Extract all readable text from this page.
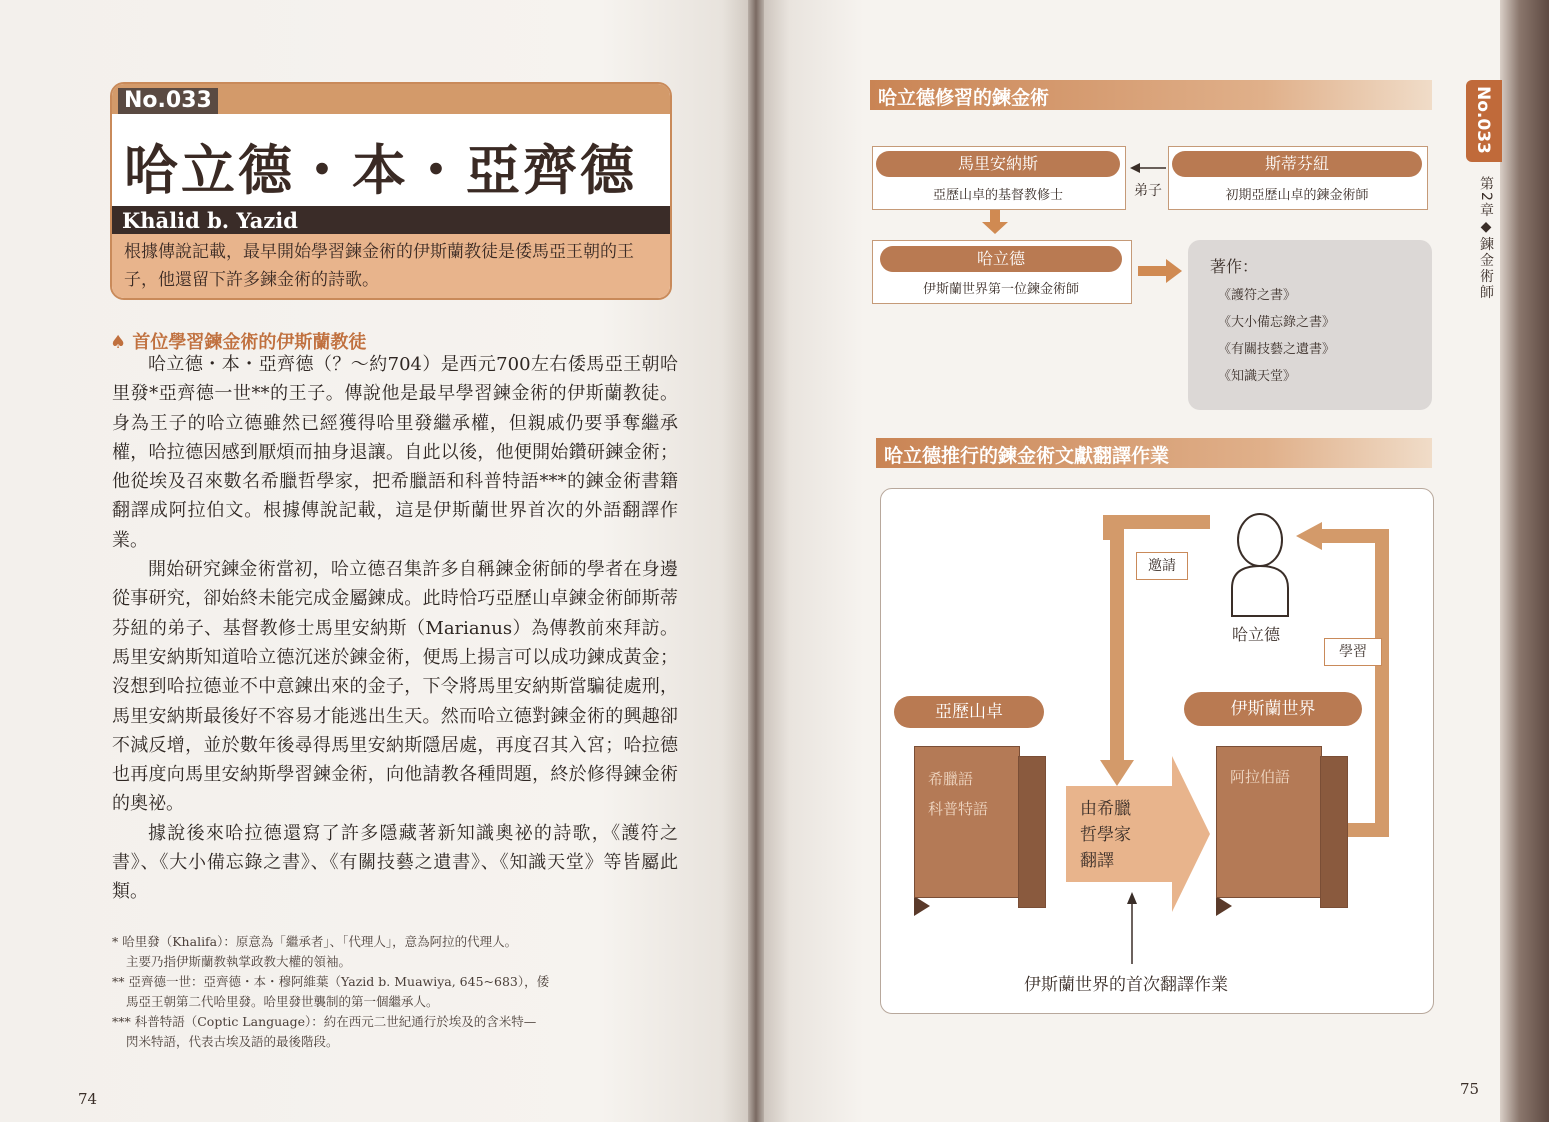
No.033
哈立德・本・亞齊德
Khālid b. Yazid
根據傳說記載，最早開始學習鍊金術的伊斯蘭教徒是倭馬亞王朝的王子，他還留下許多鍊金術的詩歌。
♠ 首位學習鍊金術的伊斯蘭教徒

哈立德・本・亞齊德（？～約704）是西元700左右倭馬亞王朝哈里發*亞齊德一世**的王子。傳說他是最早學習鍊金術的伊斯蘭教徒。身為王子的哈立德雖然已經獲得哈里發繼承權，但親戚仍要爭奪繼承權，哈拉德因感到厭煩而抽身退讓。自此以後，他便開始鑽研鍊金術；他從埃及召來數名希臘哲學家，把希臘語和科普特語***的鍊金術書籍翻譯成阿拉伯文。根據傳說記載，這是伊斯蘭世界首次的外語翻譯作業。

開始研究鍊金術當初，哈立德召集許多自稱鍊金術師的學者在身邊從事研究，卻始終未能完成金屬鍊成。此時恰巧亞歷山卓鍊金術師斯蒂芬紐的弟子、基督教修士馬里安納斯（Marianus）為傳教前來拜訪。馬里安納斯知道哈立德沉迷於鍊金術，便馬上揚言可以成功鍊成黃金；沒想到哈拉德並不中意鍊出來的金子，下令將馬里安納斯當騙徒處刑，馬里安納斯最後好不容易才能逃出生天。然而哈立德對鍊金術的興趣卻不減反增，並於數年後尋得馬里安納斯隱居處，再度召其入宮；哈拉德也再度向馬里安納斯學習鍊金術，向他請教各種問題，終於修得鍊金術的奧祕。

據說後來哈拉德還寫了許多隱藏著新知識奧祕的詩歌，《護符之書》、《大小備忘錄之書》、《有關技藝之遺書》、《知識天堂》等皆屬此類。

* 哈里發（Khalifa）：原意為「繼承者」、「代理人」，意為阿拉的代理人。
主要乃指伊斯蘭教執掌政教大權的領袖。
** 亞齊德一世：亞齊德・本・穆阿維葉（Yazid b. Muawiya, 645~683），倭
馬亞王朝第二代哈里發。哈里發世襲制的第一個繼承人。
*** 科普特語（Coptic Language）：約在西元二世紀通行於埃及的含米特—
閃米特語，代表古埃及語的最後階段。
74
哈立德修習的鍊金術
馬里安納斯
亞歷山卓的基督教修士
斯蒂芬紐
初期亞歷山卓的鍊金術師
弟子
哈立德
伊斯蘭世界第一位鍊金術師
著作：
《護符之書》
《大小備忘錄之書》
《有關技藝之遺書》
《知識天堂》
哈立德推行的鍊金術文獻翻譯作業
哈立德
邀請
學習
亞歷山卓	伊斯蘭世界
希臘語
科普特語
阿拉伯語
由希臘
哲學家
翻譯
伊斯蘭世界的首次翻譯作業
No.033
第2章◆鍊金術師
75
